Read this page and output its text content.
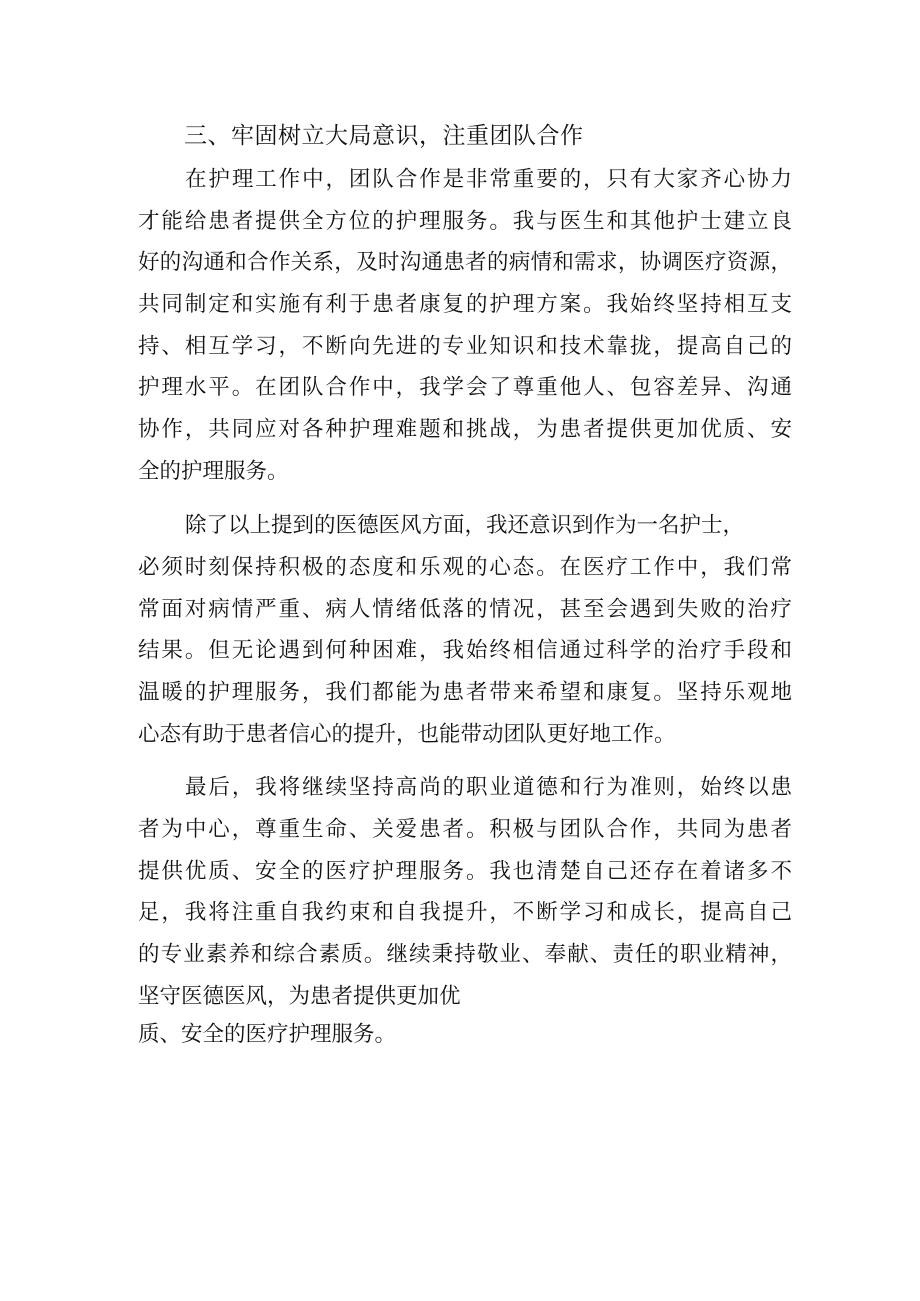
三、牢固树立大局意识，注重团队合作
在护理工作中，团队合作是非常重要的，只有大家齐心协力
才能给患者提供全方位的护理服务。我与医生和其他护士建立良
好的沟通和合作关系，及时沟通患者的病情和需求，协调医疗资源，
共同制定和实施有利于患者康复的护理方案。我始终坚持相互支
持、相互学习，不断向先进的专业知识和技术靠拢，提高自己的
护理水平。在团队合作中，我学会了尊重他人、包容差异、沟通
协作，共同应对各种护理难题和挑战，为患者提供更加优质、安
全的护理服务。
除了以上提到的医德医风方面，我还意识到作为一名护士，
必须时刻保持积极的态度和乐观的心态。在医疗工作中，我们常
常面对病情严重、病人情绪低落的情况，甚至会遇到失败的治疗
结果。但无论遇到何种困难，我始终相信通过科学的治疗手段和
温暖的护理服务，我们都能为患者带来希望和康复。坚持乐观地
心态有助于患者信心的提升，也能带动团队更好地工作。
最后，我将继续坚持高尚的职业道德和行为准则，始终以患
者为中心，尊重生命、关爱患者。积极与团队合作，共同为患者
提供优质、安全的医疗护理服务。我也清楚自己还存在着诸多不
足，我将注重自我约束和自我提升，不断学习和成长，提高自己
的专业素养和综合素质。继续秉持敬业、奉献、责任的职业精神，
坚守医德医风，为患者提供更加优
质、安全的医疗护理服务。
